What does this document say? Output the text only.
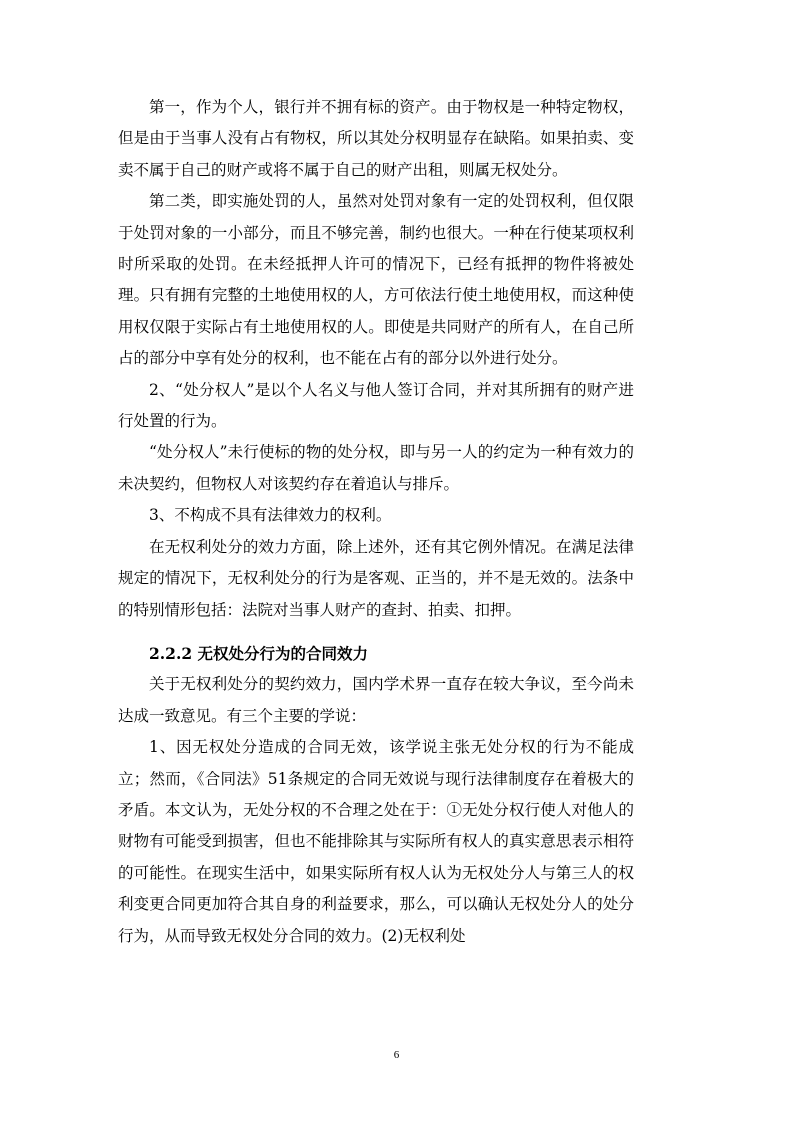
第一，作为个人，银行并不拥有标的资产。由于物权是一种特定物权，但是由于当事人没有占有物权，所以其处分权明显存在缺陷。如果拍卖、变卖不属于自己的财产或将不属于自己的财产出租，则属无权处分。

第二类，即实施处罚的人，虽然对处罚对象有一定的处罚权利，但仅限于处罚对象的一小部分，而且不够完善，制约也很大。一种在行使某项权利时所采取的处罚。在未经抵押人许可的情况下，已经有抵押的物件将被处理。只有拥有完整的土地使用权的人，方可依法行使土地使用权，而这种使用权仅限于实际占有土地使用权的人。即使是共同财产的所有人，在自己所占的部分中享有处分的权利，也不能在占有的部分以外进行处分。

2、“处分权人”是以个人名义与他人签订合同，并对其所拥有的财产进行处置的行为。

“处分权人”未行使标的物的处分权，即与另一人的约定为一种有效力的未决契约，但物权人对该契约存在着追认与排斥。

3、不构成不具有法律效力的权利。

在无权利处分的效力方面，除上述外，还有其它例外情况。在满足法律规定的情况下，无权利处分的行为是客观、正当的，并不是无效的。法条中的特别情形包括：法院对当事人财产的查封、拍卖、扣押。

2.2.2 无权处分行为的合同效力

关于无权利处分的契约效力，国内学术界一直存在较大争议，至今尚未达成一致意见。有三个主要的学说：

1、因无权处分造成的合同无效，该学说主张无处分权的行为不能成立；然而，《合同法》51条规定的合同无效说与现行法律制度存在着极大的矛盾。本文认为，无处分权的不合理之处在于：①无处分权行使人对他人的财物有可能受到损害，但也不能排除其与实际所有权人的真实意思表示相符的可能性。在现实生活中，如果实际所有权人认为无权处分人与第三人的权利变更合同更加符合其自身的利益要求，那么，可以确认无权处分人的处分行为，从而导致无权处分合同的效力。(2)无权利处

6
